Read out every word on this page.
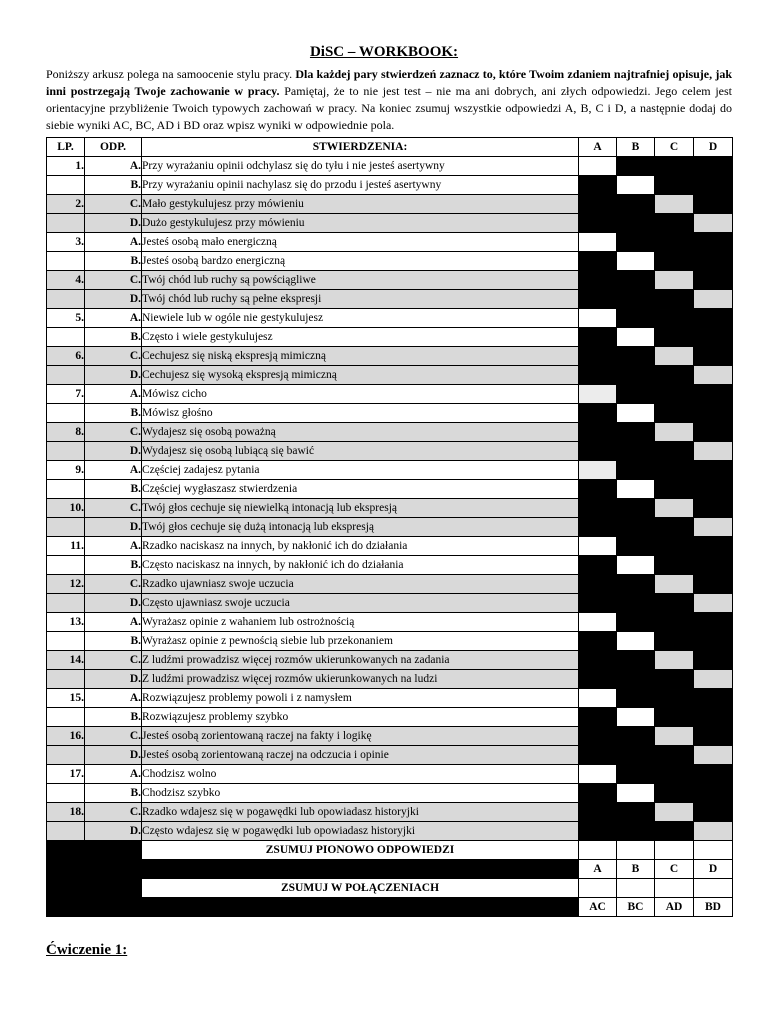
DiSC – WORKBOOK:
Poniższy arkusz polega na samoocenie stylu pracy. Dla każdej pary stwierdzeń zaznacz to, które Twoim zdaniem najtrafniej opisuje, jak inni postrzegają Twoje zachowanie w pracy. Pamiętaj, że to nie jest test – nie ma ani dobrych, ani złych odpowiedzi. Jego celem jest orientacyjne przybliżenie Twoich typowych zachowań w pracy. Na koniec zsumuj wszystkie odpowiedzi A, B, C i D, a następnie dodaj do siebie wyniki AC, BC, AD i BD oraz wpisz wyniki w odpowiednie pola.
LP.	ODP.	STWIERDZENIA:	A	B	C	D
1.	A.	Przy wyrażaniu opinii odchylasz się do tyłu i nie jesteś asertywny				
	B.	Przy wyrażaniu opinii nachylasz się do przodu i jesteś asertywny				
2.	C.	Mało gestykulujesz przy mówieniu				
	D.	Dużo gestykulujesz przy mówieniu				
3.	A.	Jesteś osobą mało energiczną				
	B.	Jesteś osobą bardzo energiczną				
4.	C.	Twój chód lub ruchy są powściągliwe				
	D.	Twój chód lub ruchy są pełne ekspresji				
5.	A.	Niewiele lub w ogóle nie gestykulujesz				
	B.	Często i wiele gestykulujesz				
6.	C.	Cechujesz się niską ekspresją mimiczną				
	D.	Cechujesz się wysoką ekspresją mimiczną				
7.	A.	Mówisz cicho				
	B.	Mówisz głośno				
8.	C.	Wydajesz się osobą poważną				
	D.	Wydajesz się osobą lubiącą się bawić				
9.	A.	Częściej zadajesz pytania				
	B.	Częściej wygłaszasz stwierdzenia				
10.	C.	Twój głos cechuje się niewielką intonacją lub ekspresją				
	D.	Twój głos cechuje się dużą intonacją lub ekspresją				
11.	A.	Rzadko naciskasz na innych, by nakłonić ich do działania				
	B.	Często naciskasz na innych, by nakłonić ich do działania				
12.	C.	Rzadko ujawniasz swoje uczucia				
	D.	Często ujawniasz swoje uczucia				
13.	A.	Wyrażasz opinie z wahaniem lub ostrożnością				
	B.	Wyrażasz opinie z pewnością siebie lub przekonaniem				
14.	C.	Z ludźmi prowadzisz więcej rozmów ukierunkowanych na zadania				
	D.	Z ludźmi prowadzisz więcej rozmów ukierunkowanych na ludzi				
15.	A.	Rozwiązujesz problemy powoli i z namysłem				
	B.	Rozwiązujesz problemy szybko				
16.	C.	Jesteś osobą zorientowaną raczej na fakty i logikę				
	D.	Jesteś osobą zorientowaną raczej na odczucia i opinie				
17.	A.	Chodzisz wolno				
	B.	Chodzisz szybko				
18.	C.	Rzadko wdajesz się w pogawędki lub opowiadasz historyjki				
	D.	Często wdajesz się w pogawędki lub opowiadasz historyjki				
		ZSUMUJ PIONOWO ODPOWIEDZI				
			A	B	C	D
		ZSUMUJ W POŁĄCZENIACH				
			AC	BC	AD	BD
Ćwiczenie 1:
